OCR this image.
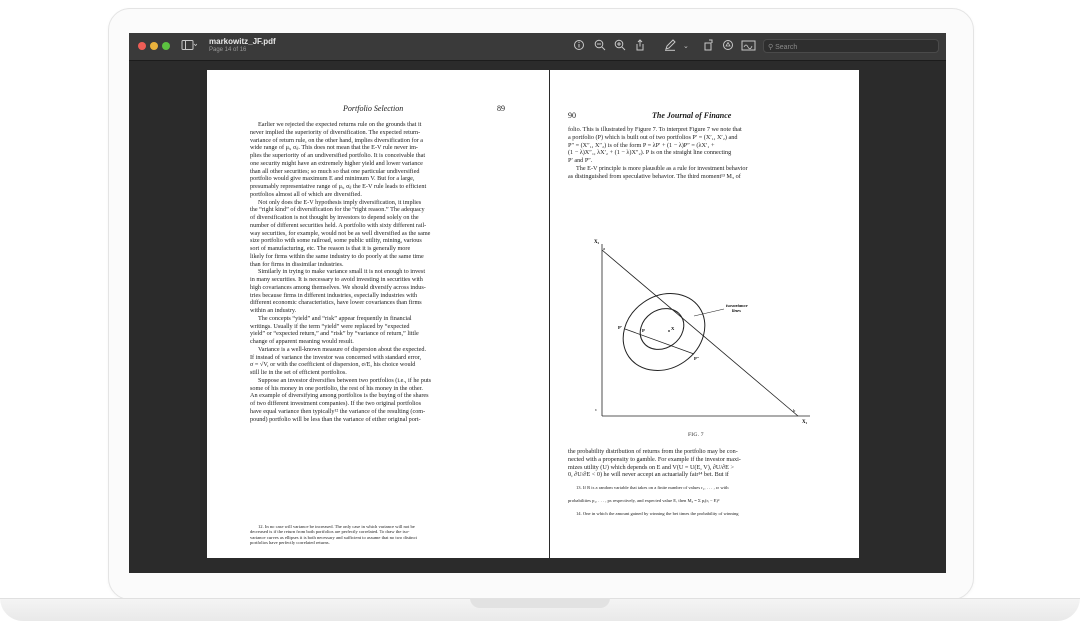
markowitz_JF.pdf
Page 14 of 16	⌄	⚲ Search
Portfolio Selection	89
Earlier we rejected the expected returns rule on the grounds that it
never implied the superiority of diversification. The expected return-
variance of return rule, on the other hand, implies diversification for a
wide range of μᵢ, σᵢⱼ. This does not mean that the E-V rule never im-
plies the superiority of an undiversified portfolio. It is conceivable that
one security might have an extremely higher yield and lower variance
than all other securities; so much so that one particular undiversified
portfolio would give maximum E and minimum V. But for a large,
presumably representative range of μᵢ, σᵢⱼ the E-V rule leads to efficient
portfolios almost all of which are diversified.
Not only does the E-V hypothesis imply diversification, it implies
the “right kind” of diversification for the “right reason.” The adequacy
of diversification is not thought by investors to depend solely on the
number of different securities held. A portfolio with sixty different rail-
way securities, for example, would not be as well diversified as the same
size portfolio with some railroad, some public utility, mining, various
sort of manufacturing, etc. The reason is that it is generally more
likely for firms within the same industry to do poorly at the same time
than for firms in dissimilar industries.
Similarly in trying to make variance small it is not enough to invest
in many securities. It is necessary to avoid investing in securities with
high covariances among themselves. We should diversify across indus-
tries because firms in different industries, especially industries with
different economic characteristics, have lower covariances than firms
within an industry.
The concepts “yield” and “risk” appear frequently in financial
writings. Usually if the term “yield” were replaced by “expected
yield” or “expected return,” and “risk” by “variance of return,” little
change of apparent meaning would result.
Variance is a well-known measure of dispersion about the expected.
If instead of variance the investor was concerned with standard error,
σ = √V, or with the coefficient of dispersion, σ/E, his choice would
still lie in the set of efficient portfolios.
Suppose an investor diversifies between two portfolios (i.e., if he puts
some of his money in one portfolio, the rest of his money in the other.
An example of diversifying among portfolios is the buying of the shares
of two different investment companies). If the two original portfolios
have equal variance then typically¹² the variance of the resulting (com-
pound) portfolio will be less than the variance of either original port-
12. In no case will variance be increased. The only case in which variance will not be
decreased is if the return from both portfolios are perfectly correlated. To draw the iso-
variance curves as ellipses it is both necessary and sufficient to assume that no two distinct
portfolios have perfectly correlated returns.
90	The Journal of Finance
folio. This is illustrated by Figure 7. To interpret Figure 7 we note that
a portfolio (P) which is built out of two portfolios P′ = (X′₁, X′₂) and
P″ = (X″₁, X″₂) is of the form P = λP′ + (1 − λ)P″ = (λX′₁ +
(1 − λ)X″₁, λX′₂ + (1 − λ)X″₂). P is on the straight line connecting
P′ and P″.
The E-V principle is more plausible as a rule for investment behavior
as distinguished from speculative behavior. The third moment¹³ M₃ of
X₂
a
b
c
X₁
P′
P	X
P″
isovariance
lines
FIG. 7
the probability distribution of returns from the portfolio may be con-
nected with a propensity to gamble. For example if the investor maxi-
mizes utility (U) which depends on E and V(U = U(E, V), ∂U/∂E >
0, ∂U/∂E < 0) he will never accept an actuarially fair¹⁴ bet. But if
13. If R is a random variable that takes on a finite number of values r₁, . . . , rₙ with
probabilities p₁, . . . , pₙ respectively, and expected value E, then M₃ = Σ pᵢ(rᵢ − E)³
14. One in which the amount gained by winning the bet times the probability of winning
